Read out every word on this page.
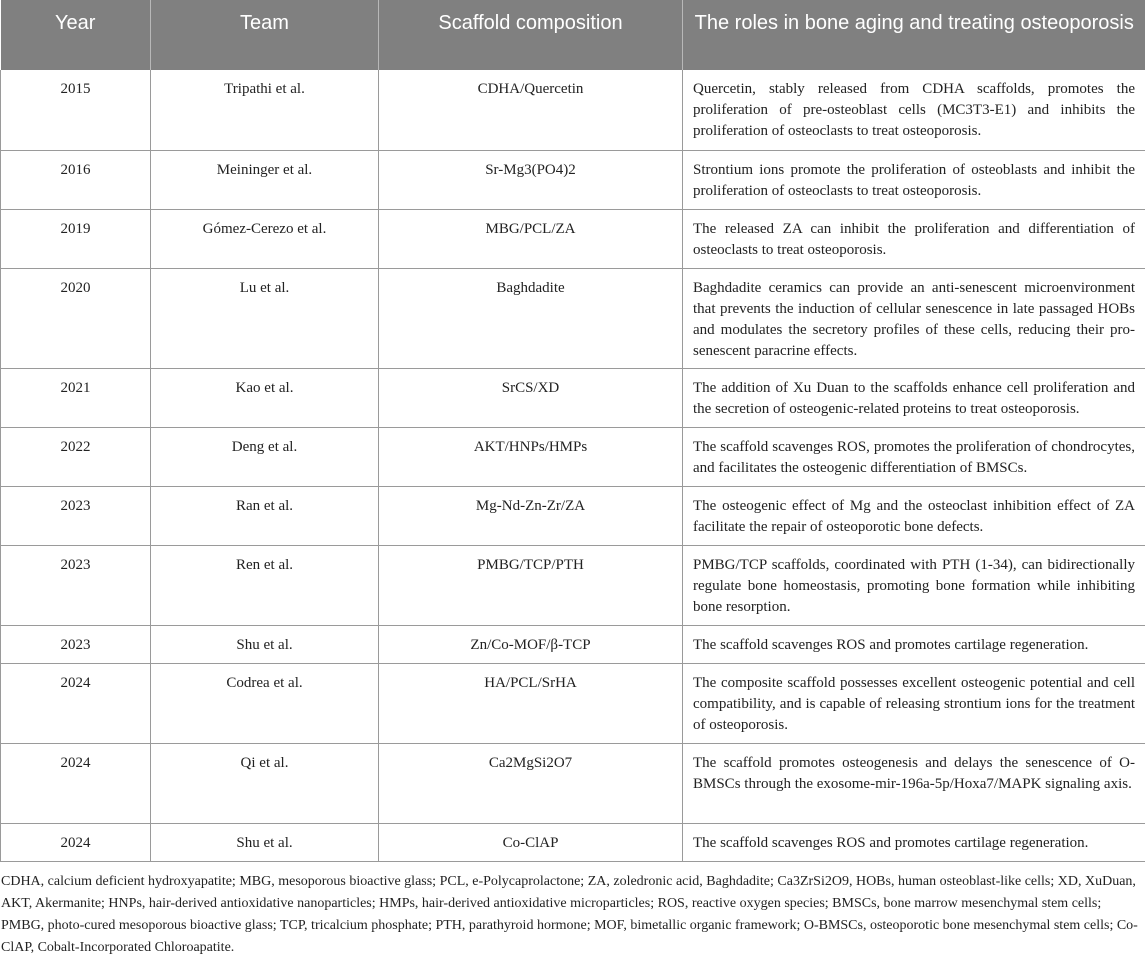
Year	Team	Scaffold composition	The roles in bone aging and treating osteoporosis
2015	Tripathi et al.	CDHA/Quercetin	Quercetin, stably released from CDHA scaffolds, promotes the proliferation of pre-osteoblast cells (MC3T3-E1) and inhibits the proliferation of osteoclasts to treat osteoporosis.
2016	Meininger et al.	Sr-Mg3(PO4)2	Strontium ions promote the proliferation of osteoblasts and inhibit the proliferation of osteoclasts to treat osteoporosis.
2019	Gómez-Cerezo et al.	MBG/PCL/ZA	The released ZA can inhibit the proliferation and differentiation of osteoclasts to treat osteoporosis.
2020	Lu et al.	Baghdadite	Baghdadite ceramics can provide an anti-senescent microenvironment that prevents the induction of cellular senescence in late passaged HOBs and modulates the secretory profiles of these cells, reducing their pro-senescent paracrine effects.
2021	Kao et al.	SrCS/XD	The addition of Xu Duan to the scaffolds enhance cell proliferation and the secretion of osteogenic-related proteins to treat osteoporosis.
2022	Deng et al.	AKT/HNPs/HMPs	The scaffold scavenges ROS, promotes the proliferation of chondrocytes, and facilitates the osteogenic differentiation of BMSCs.
2023	Ran et al.	Mg-Nd-Zn-Zr/ZA	The osteogenic effect of Mg and the osteoclast inhibition effect of ZA facilitate the repair of osteoporotic bone defects.
2023	Ren et al.	PMBG/TCP/PTH	PMBG/TCP scaffolds, coordinated with PTH (1-34), can bidirectionally regulate bone homeostasis, promoting bone formation while inhibiting bone resorption.
2023	Shu et al.	Zn/Co-MOF/β-TCP	The scaffold scavenges ROS and promotes cartilage regeneration.
2024	Codrea et al.	HA/PCL/SrHA	The composite scaffold possesses excellent osteogenic potential and cell compatibility, and is capable of releasing strontium ions for the treatment of osteoporosis.
2024	Qi et al.	Ca2MgSi2O7	The scaffold promotes osteogenesis and delays the senescence of O-BMSCs through the exosome-mir-196a-5p/Hoxa7/MAPK signaling axis.
2024	Shu et al.	Co-ClAP	The scaffold scavenges ROS and promotes cartilage regeneration.

CDHA, calcium deficient hydroxyapatite; MBG, mesoporous bioactive glass; PCL, e-Polycaprolactone; ZA, zoledronic acid, Baghdadite; Ca3ZrSi2O9, HOBs, human osteoblast-like cells; XD, XuDuan, AKT, Akermanite; HNPs, hair-derived antioxidative nanoparticles; HMPs, hair-derived antioxidative microparticles; ROS, reactive oxygen species; BMSCs, bone marrow mesenchymal stem cells; PMBG, photo-cured mesoporous bioactive glass; TCP, tricalcium phosphate; PTH, parathyroid hormone; MOF, bimetallic organic framework; O-BMSCs, osteoporotic bone mesenchymal stem cells; Co-ClAP, Cobalt-Incorporated Chloroapatite.
